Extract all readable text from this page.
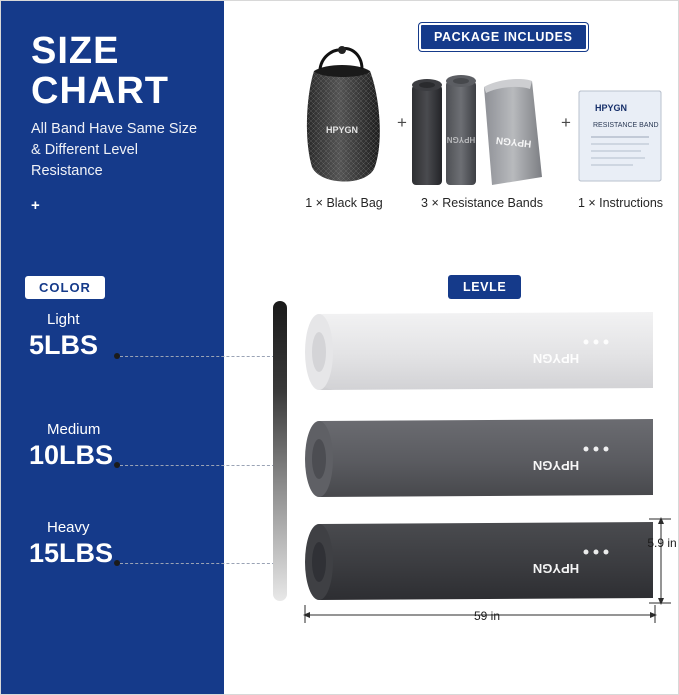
SIZE
CHART
All Band Have Same Size & Different Level Resistance
+
COLOR
Light
5LBS
Medium
10LBS
Heavy
15LBS
PACKAGE INCLUDES
HPYGN +
HPYGN
HPYGN
+
HPYGN
RESISTANCE BAND
1 × Black Bag	3 × Resistance Bands	1 × Instructions
LEVLE
HPYGN
HPYGN
HPYGN
5.9 in
59 in
